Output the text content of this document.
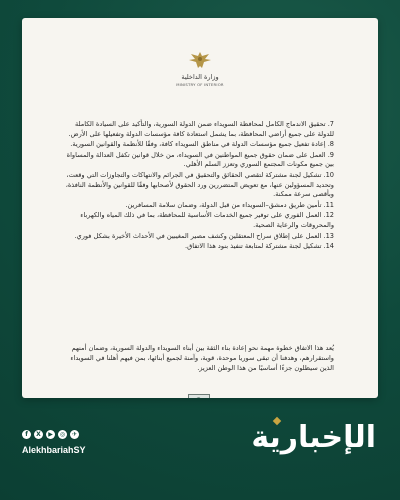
وزارة الداخلية
MINISTRY OF INTERIOR
7. تحقيق الاندماج الكامل لمحافظة السويداء ضمن الدولة السورية، والتأكيد على السيادة الكاملة للدولة على جميع أراضي المحافظة، بما يشمل استعادة كافة مؤسسات الدولة وتفعيلها على الأرض.
8. إعادة تفعيل جميع مؤسسات الدولة في مناطق السويداء كافة، وفقًا للأنظمة والقوانين السورية.
9. العمل على ضمان حقوق جميع المواطنين في السويداء، من خلال قوانين تكفل العدالة والمساواة بين جميع مكونات المجتمع السوري وتعزز السلم الأهلي.
10. تشكيل لجنة مشتركة لتقصي الحقائق والتحقيق في الجرائم والانتهاكات والتجاوزات التي وقعت، وتحديد المسؤولين عنها، مع تعويض المتضررين ورد الحقوق لأصحابها وفقًا للقوانين والأنظمة النافذة، وبأقصى سرعة ممكنة.
11. تأمين طريق دمشق–السويداء من قبل الدولة، وضمان سلامة المسافرين.
12. العمل الفوري على توفير جميع الخدمات الأساسية للمحافظة، بما في ذلك المياه والكهرباء والمحروقات والرعاية الصحية.
13. العمل على إطلاق سراح المعتقلين وكشف مصير المغيبين في الأحداث الأخيرة بشكل فوري.
14. تشكيل لجنة مشتركة لمتابعة تنفيذ بنود هذا الاتفاق.
يُعد هذا الاتفاق خطوة مهمة نحو إعادة بناء الثقة بين أبناء السويداء والدولة السورية، وضمان أمنهم واستقرارهم، وهدفنا أن تبقى سوريا موحدة، قوية، وآمنة لجميع أبنائها، بمن فيهم أهلنا في السويداء الذين سيظلون جزءًا أساسيًا من هذا الوطن العزيز.
f	X	▶	◎	✈
AlekhbariahSY	الإخبارية
